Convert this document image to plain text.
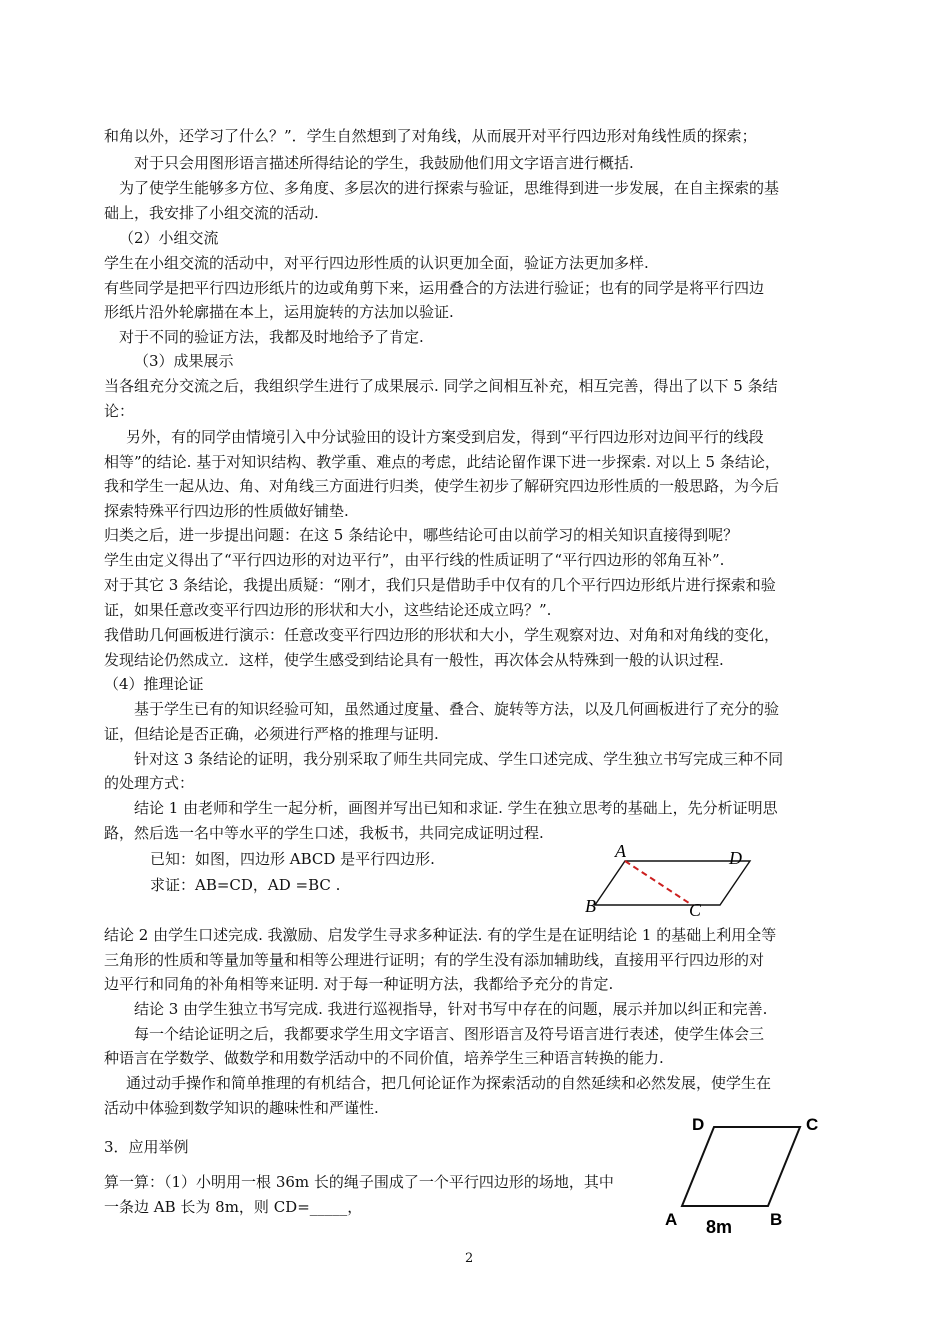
和角以外，还学习了什么？”．学生自然想到了对角线，从而展开对平行四边形对角线性质的探索；
对于只会用图形语言描述所得结论的学生，我鼓励他们用文字语言进行概括.
为了使学生能够多方位、多角度、多层次的进行探索与验证，思维得到进一步发展，在自主探索的基
础上，我安排了小组交流的活动.
（2）小组交流
学生在小组交流的活动中，对平行四边形性质的认识更加全面，验证方法更加多样.
有些同学是把平行四边形纸片的边或角剪下来，运用叠合的方法进行验证；也有的同学是将平行四边
形纸片沿外轮廓描在本上，运用旋转的方法加以验证.
对于不同的验证方法，我都及时地给予了肯定.
（3）成果展示
当各组充分交流之后，我组织学生进行了成果展示. 同学之间相互补充，相互完善，得出了以下 5 条结
论：
另外，有的同学由情境引入中分试验田的设计方案受到启发，得到“平行四边形对边间平行的线段
相等”的结论. 基于对知识结构、教学重、难点的考虑，此结论留作课下进一步探索. 对以上 5 条结论，
我和学生一起从边、角、对角线三方面进行归类，使学生初步了解研究四边形性质的一般思路，为今后
探索特殊平行四边形的性质做好铺垫.
归类之后，进一步提出问题：在这 5 条结论中，哪些结论可由以前学习的相关知识直接得到呢？
学生由定义得出了“平行四边形的对边平行”，由平行线的性质证明了“平行四边形的邻角互补”.
对于其它 3 条结论，我提出质疑：“刚才，我们只是借助手中仅有的几个平行四边形纸片进行探索和验
证，如果任意改变平行四边形的形状和大小，这些结论还成立吗？”.
我借助几何画板进行演示：任意改变平行四边形的形状和大小，学生观察对边、对角和对角线的变化，
发现结论仍然成立．这样，使学生感受到结论具有一般性，再次体会从特殊到一般的认识过程.
（4）推理论证
基于学生已有的知识经验可知，虽然通过度量、叠合、旋转等方法，以及几何画板进行了充分的验
证，但结论是否正确，必须进行严格的推理与证明.
针对这 3 条结论的证明，我分别采取了师生共同完成、学生口述完成、学生独立书写完成三种不同
的处理方式：
结论 1 由老师和学生一起分析，画图并写出已知和求证. 学生在独立思考的基础上，先分析证明思
路，然后选一名中等水平的学生口述，我板书，共同完成证明过程.
已知：如图，四边形 ABCD 是平行四边形.
求证：AB=CD，AD =BC .
结论 2 由学生口述完成. 我激励、启发学生寻求多种证法. 有的学生是在证明结论 1 的基础上利用全等
三角形的性质和等量加等量和相等公理进行证明；有的学生没有添加辅助线，直接用平行四边形的对
边平行和同角的补角相等来证明. 对于每一种证明方法，我都给予充分的肯定.
结论 3 由学生独立书写完成. 我进行巡视指导，针对书写中存在的问题，展示并加以纠正和完善.
每一个结论证明之后，我都要求学生用文字语言、图形语言及符号语言进行表述，使学生体会三
种语言在学数学、做数学和用数学活动中的不同价值，培养学生三种语言转换的能力.
通过动手操作和简单推理的有机结合，把几何论证作为探索活动的自然延续和必然发展，使学生在
活动中体验到数学知识的趣味性和严谨性.
3．应用举例
算一算：（1）小明用一根 36m 长的绳子围成了一个平行四边形的场地，其中
一条边 AB 长为 8m，则 CD=_____，
A	D
B	C
D	C
A	B
8m
2
